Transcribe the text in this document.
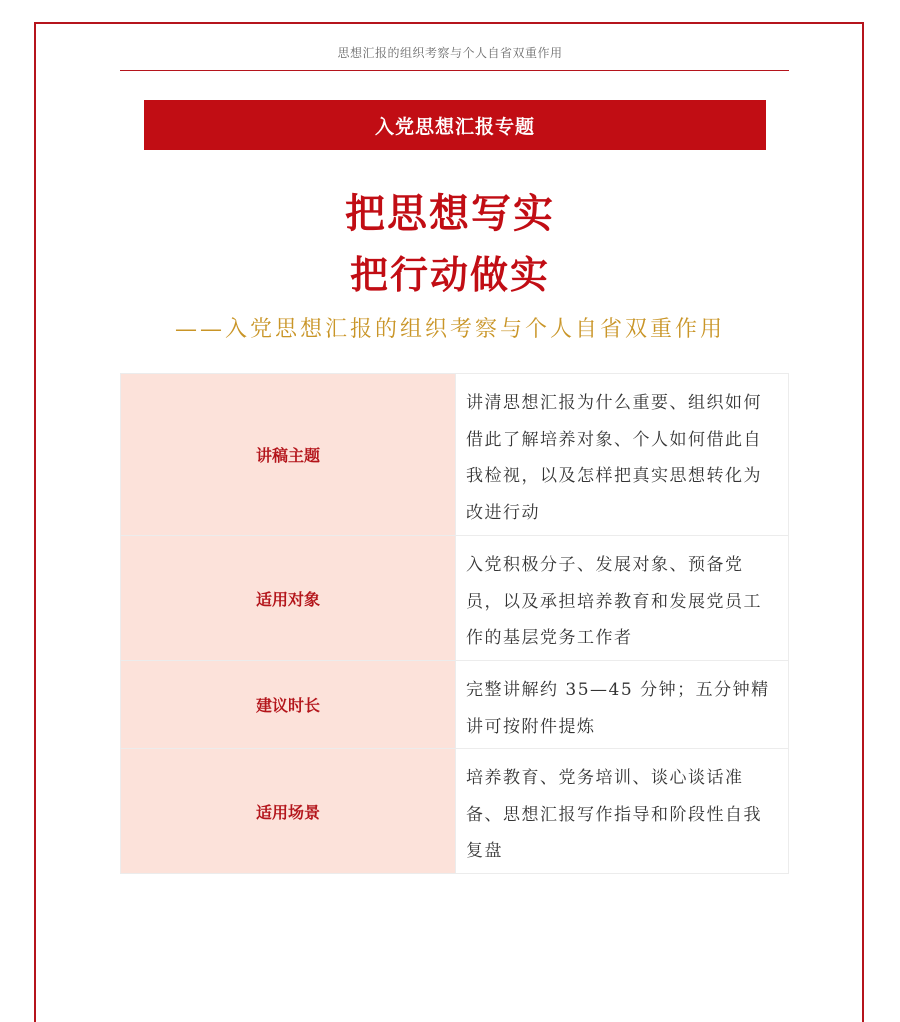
思想汇报的组织考察与个人自省双重作用
入党思想汇报专题
把思想写实
把行动做实
——入党思想汇报的组织考察与个人自省双重作用
讲稿主题	讲清思想汇报为什么重要、组织如何借此了解培养对象、个人如何借此自我检视，以及怎样把真实思想转化为改进行动

适用对象	入党积极分子、发展对象、预备党员，以及承担培养教育和发展党员工作的基层党务工作者

建议时长	完整讲解约 35—45 分钟；五分钟精讲可按附件提炼

适用场景	培养教育、党务培训、谈心谈话准备、思想汇报写作指导和阶段性自我复盘
